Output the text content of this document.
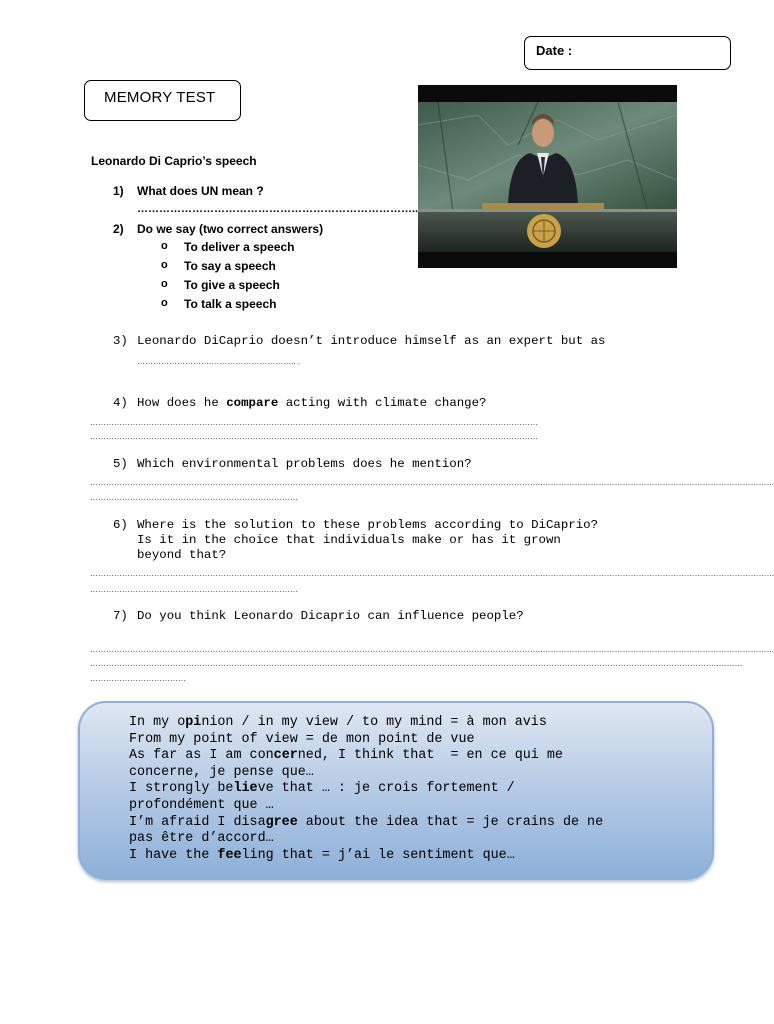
Date :
MEMORY TEST
Leonardo Di Caprio’s speech
1) What does UN mean ?
…………………………………………………………………..
2) Do we say (two correct answers)
o To deliver a speech
o To say a speech
o To give a speech
o To talk a speech
3) Leonardo DiCaprio doesn’t introduce himself as an expert but as
……………………….………………………….. .
4) How does he compare acting with climate change?
……………………………………………………………………………………………………………………………………………………
……………………………………………………………………………………………………………………………………………………
5) Which environmental problems does he mention?
……………………………………………………………………………………………………………………………………………………..……………………………………………………………………………
……………………………………………………………………
6) Where is the solution to these problems according to DiCaprio?
Is it in the choice that individuals make or has it grown
beyond that?
……………………………………………………………………………………………………………………………………………………..……………………………………………………………………………
……………………………………………………………………
7) Do you think Leonardo Dicaprio can influence people?
……………………………………………………………………………………………………………………………………………………..……………………………………………………………………………
………………………………………………………………………………………………………………………………………………………………………………………………………………..………
………………………………
In my opinion / in my view / to my mind = à mon avis
From my point of view = de mon point de vue
As far as I am concerned, I think that  = en ce qui me
concerne, je pense que…
I strongly believe that … : je crois fortement /
profondément que …
I’m afraid I disagree about the idea that = je crains de ne
pas être d’accord…
I have the feeling that = j’ai le sentiment que…
